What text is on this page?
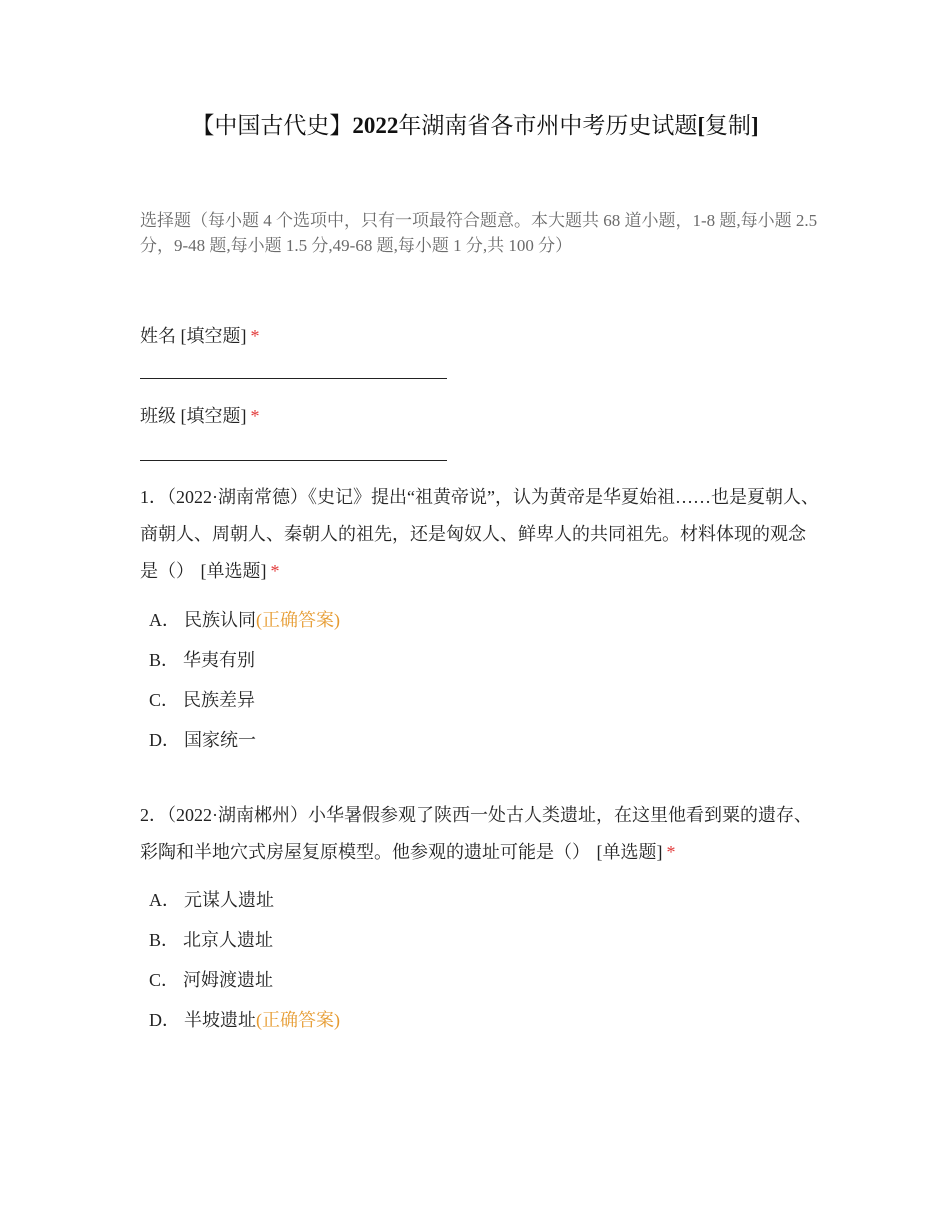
【中国古代史】2022年湖南省各市州中考历史试题[复制]
选择题（每小题 4 个选项中，只有一项最符合题意。本大题共 68 道小题，1-8 题,每小题 2.5 分，9-48 题,每小题 1.5 分,49-68 题,每小题 1 分,共 100 分）
姓名 [填空题] *
班级 [填空题] *
1．（2022·湖南常德）《史记》提出“祖黄帝说”，认为黄帝是华夏始祖……也是夏朝人、商朝人、周朝人、秦朝人的祖先，还是匈奴人、鲜卑人的共同祖先。材料体现的观念是（） [单选题] *
A． 民族认同(正确答案)
B． 华夷有别
C． 民族差异
D． 国家统一
2．（2022·湖南郴州）小华暑假参观了陕西一处古人类遗址，在这里他看到粟的遗存、彩陶和半地穴式房屋复原模型。他参观的遗址可能是（） [单选题] *
A． 元谋人遗址
B． 北京人遗址
C． 河姆渡遗址
D． 半坡遗址(正确答案)
